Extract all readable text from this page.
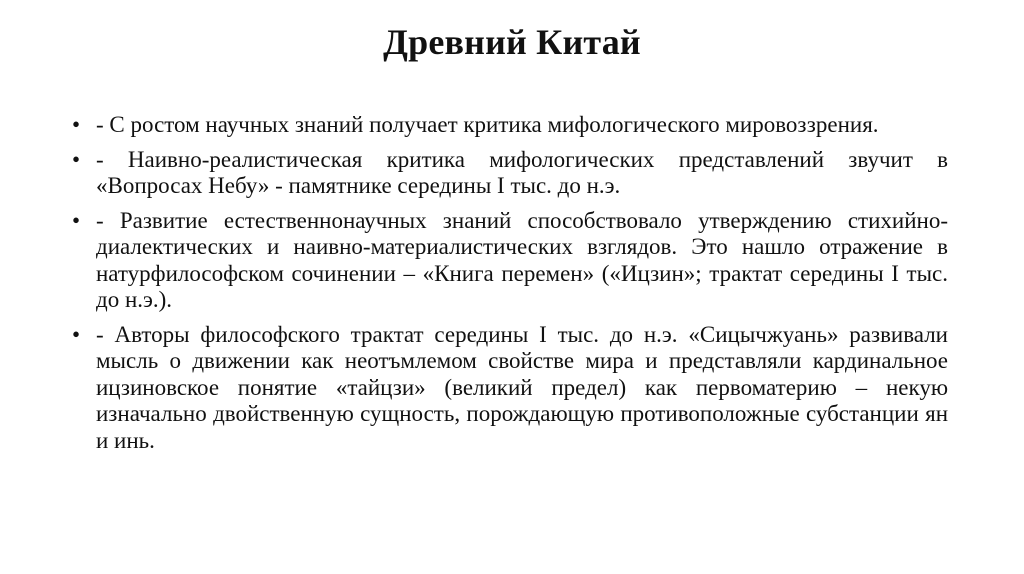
Древний Китай
• - С ростом научных знаний получает критика мифологического мировоззрения.
• - Наивно-реалистическая критика мифологических представлений звучит в «Вопросах Небу» - памятнике середины I тыс. до н.э.
• - Развитие естественнонаучных знаний способствовало утверждению стихийно-диалектических и наивно-материалистических взглядов. Это нашло отражение в натурфилософском сочинении – «Книга перемен» («Ицзин»; трактат середины I тыс. до н.э.).
• - Авторы философского трактат середины I тыс. до н.э. «Сицычжуань» развивали мысль о движении как неотъмлемом свойстве мира и представляли кардинальное ицзиновское понятие «тайцзи» (великий предел) как первоматерию – некую изначально двойственную сущность, порождающую противоположные субстанции ян и инь.
